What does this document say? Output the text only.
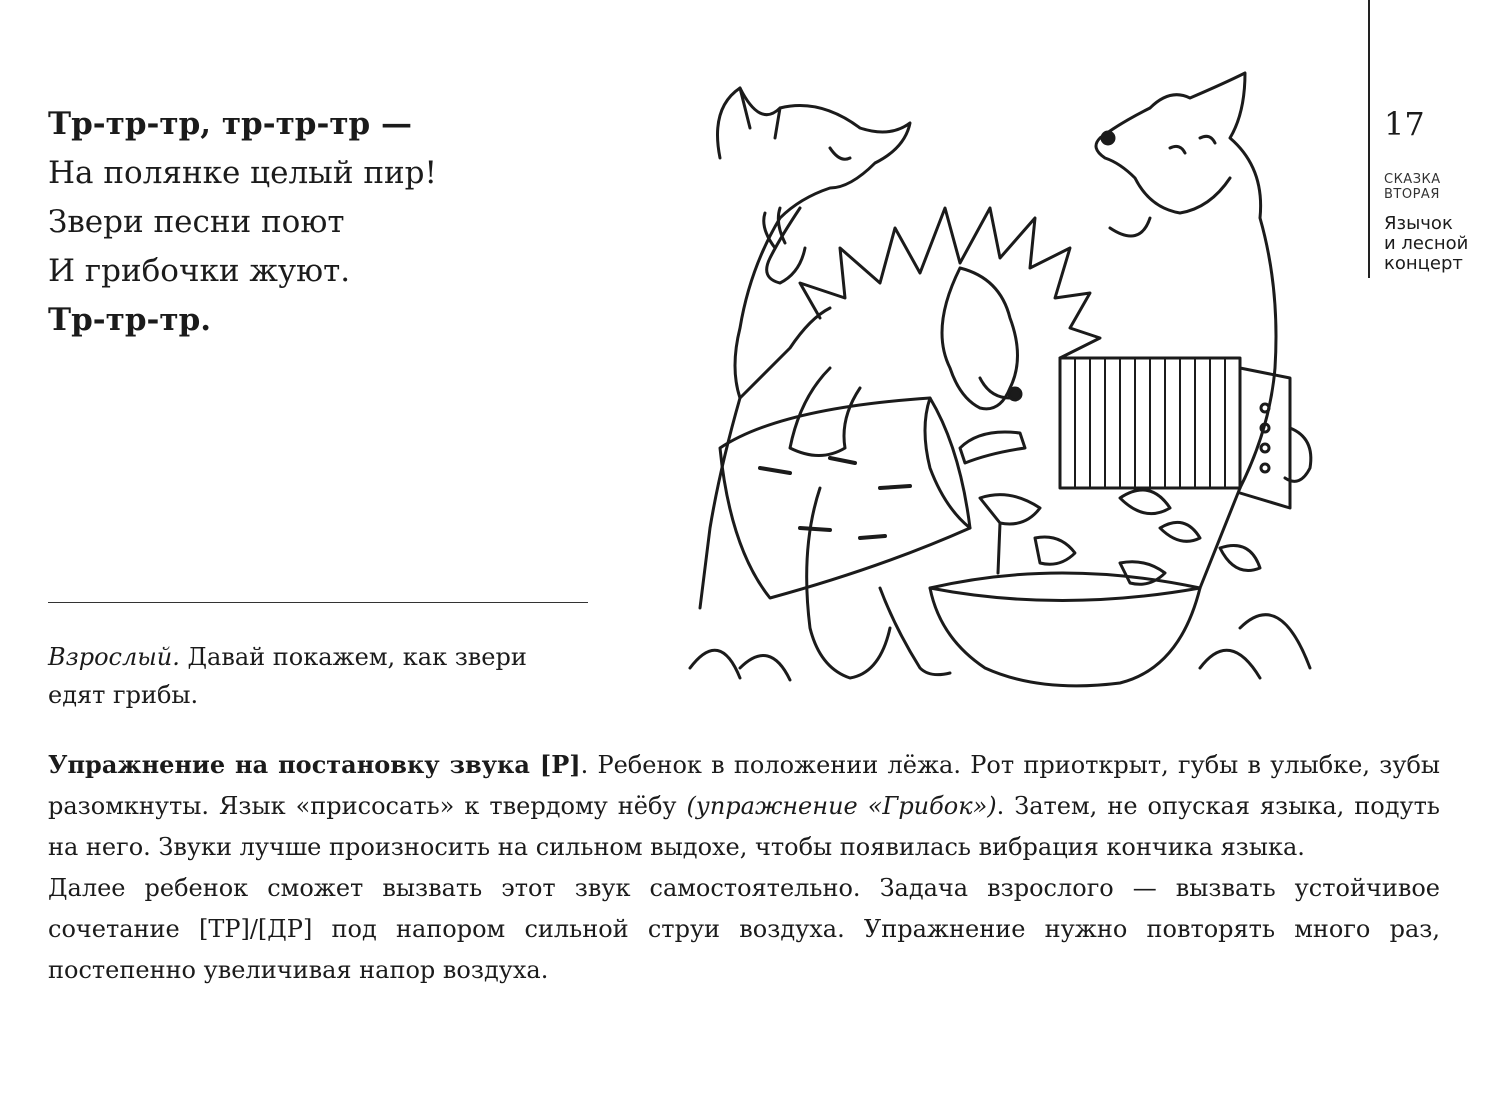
Тр-тр-тр, тр-тр-тр —
На полянке целый пир!
Звери песни поют
И грибочки жуют.
Тр-тр-тр.
Взрослый. Давай покажем, как звери едят грибы.
17
СКАЗКА
ВТОРАЯ
Язычок
и лесной
концерт

Упражнение на постановку звука [Р]. Ребенок в положении лёжа. Рот приоткрыт, губы в улыбке, зубы разомкнуты. Язык «присосать» к твердому нёбу (упражнение «Грибок»). Затем, не опуская языка, подуть на него. Звуки лучше произносить на сильном выдохе, чтобы появилась вибрация кончика языка.

Далее ребенок сможет вызвать этот звук самостоятельно. Задача взрослого — вызвать устойчивое сочетание [ТР]/[ДР] под напором сильной струи воздуха. Упражнение нужно повторять много раз, постепенно увеличивая напор воздуха.
